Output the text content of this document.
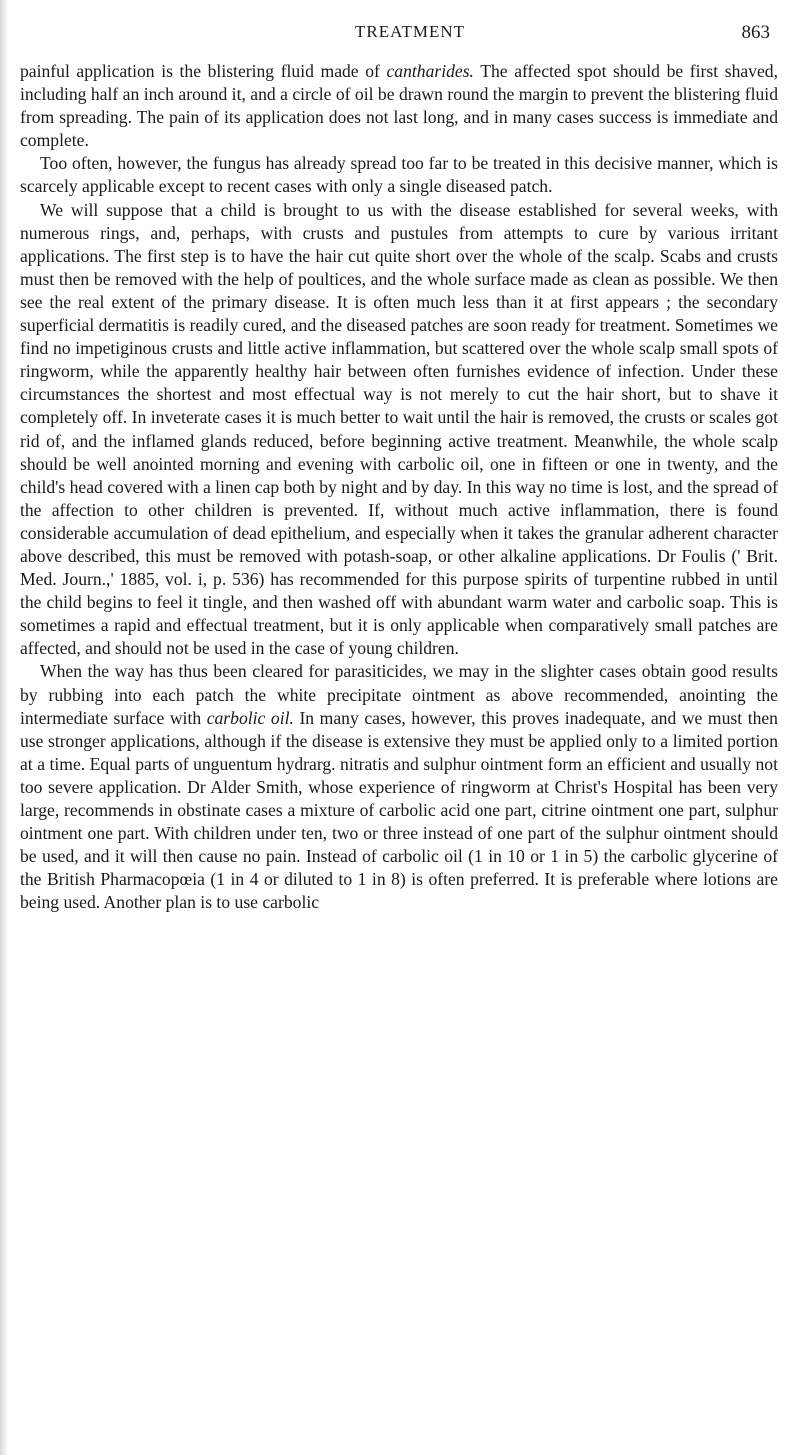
TREATMENT	863

painful application is the blistering fluid made of cantharides. The affected spot should be first shaved, including half an inch around it, and a circle of oil be drawn round the margin to prevent the blistering fluid from spreading. The pain of its application does not last long, and in many cases success is immediate and complete.

Too often, however, the fungus has already spread too far to be treated in this decisive manner, which is scarcely applicable except to recent cases with only a single diseased patch.

We will suppose that a child is brought to us with the disease established for several weeks, with numerous rings, and, perhaps, with crusts and pustules from attempts to cure by various irritant applications. The first step is to have the hair cut quite short over the whole of the scalp. Scabs and crusts must then be removed with the help of poultices, and the whole surface made as clean as possible. We then see the real extent of the primary disease. It is often much less than it at first appears ; the secondary superficial dermatitis is readily cured, and the diseased patches are soon ready for treatment. Sometimes we find no impetiginous crusts and little active inflammation, but scattered over the whole scalp small spots of ringworm, while the apparently healthy hair between often furnishes evidence of infection. Under these circumstances the shortest and most effectual way is not merely to cut the hair short, but to shave it completely off. In inveterate cases it is much better to wait until the hair is removed, the crusts or scales got rid of, and the inflamed glands reduced, before beginning active treatment. Meanwhile, the whole scalp should be well anointed morning and evening with carbolic oil, one in fifteen or one in twenty, and the child's head covered with a linen cap both by night and by day. In this way no time is lost, and the spread of the affection to other children is prevented. If, without much active inflammation, there is found considerable accumulation of dead epithelium, and especially when it takes the granular adherent character above described, this must be removed with potash-soap, or other alkaline applications. Dr Foulis (' Brit. Med. Journ.,' 1885, vol. i, p. 536) has recommended for this purpose spirits of turpentine rubbed in until the child begins to feel it tingle, and then washed off with abundant warm water and carbolic soap. This is sometimes a rapid and effectual treatment, but it is only applicable when comparatively small patches are affected, and should not be used in the case of young children.

When the way has thus been cleared for parasiticides, we may in the slighter cases obtain good results by rubbing into each patch the white precipitate ointment as above recommended, anointing the intermediate surface with carbolic oil. In many cases, however, this proves inadequate, and we must then use stronger applications, although if the disease is extensive they must be applied only to a limited portion at a time. Equal parts of unguentum hydrarg. nitratis and sulphur ointment form an efficient and usually not too severe application. Dr Alder Smith, whose experience of ringworm at Christ's Hospital has been very large, recommends in obstinate cases a mixture of carbolic acid one part, citrine ointment one part, sulphur ointment one part. With children under ten, two or three instead of one part of the sulphur ointment should be used, and it will then cause no pain. Instead of carbolic oil (1 in 10 or 1 in 5) the carbolic glycerine of the British Pharmacopœia (1 in 4 or diluted to 1 in 8) is often preferred. It is preferable where lotions are being used. Another plan is to use carbolic
